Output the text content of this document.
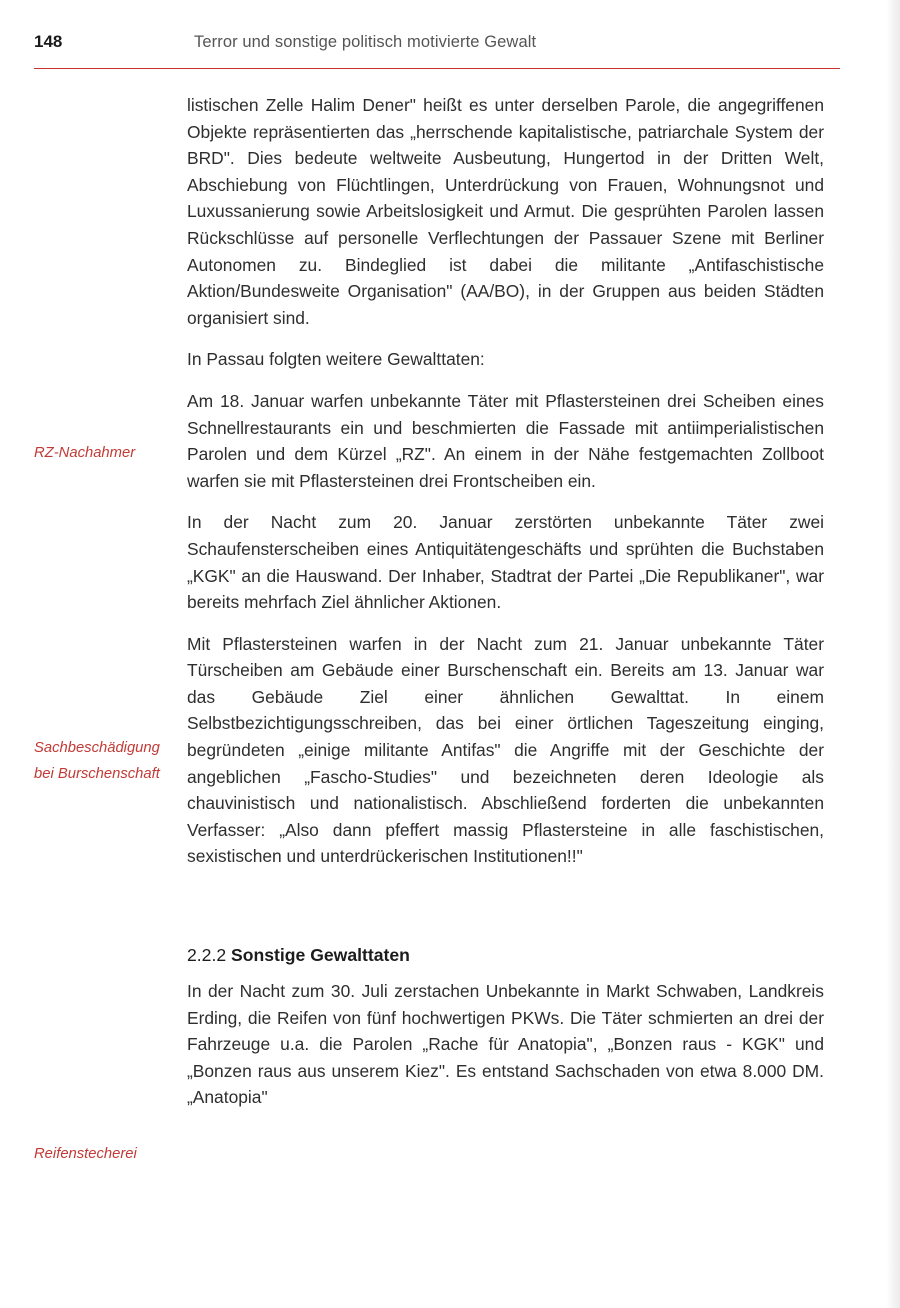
148	Terror und sonstige politisch motivierte Gewalt
RZ-Nachahmer
Sachbeschädigung
bei Burschenschaft
Reifenstecherei

listischen Zelle Halim Dener" heißt es unter derselben Parole, die angegriffenen Objekte repräsentierten das „herrschende kapitalistische, patriarchale System der BRD". Dies bedeute weltweite Ausbeutung, Hungertod in der Dritten Welt, Abschiebung von Flüchtlingen, Unterdrückung von Frauen, Wohnungsnot und Luxussanierung sowie Arbeitslosigkeit und Armut. Die gesprühten Parolen lassen Rückschlüsse auf personelle Verflechtungen der Passauer Szene mit Berliner Autonomen zu. Bindeglied ist dabei die militante „Antifaschistische Aktion/Bundesweite Organisation" (AA/BO), in der Gruppen aus beiden Städten organisiert sind.

In Passau folgten weitere Gewalttaten:

Am 18. Januar warfen unbekannte Täter mit Pflastersteinen drei Scheiben eines Schnellrestaurants ein und beschmierten die Fassade mit antiimperialistischen Parolen und dem Kürzel „RZ". An einem in der Nähe festgemachten Zollboot warfen sie mit Pflastersteinen drei Frontscheiben ein.

In der Nacht zum 20. Januar zerstörten unbekannte Täter zwei Schaufensterscheiben eines Antiquitätengeschäfts und sprühten die Buchstaben „KGK" an die Hauswand. Der Inhaber, Stadtrat der Partei „Die Republikaner", war bereits mehrfach Ziel ähnlicher Aktionen.

Mit Pflastersteinen warfen in der Nacht zum 21. Januar unbekannte Täter Türscheiben am Gebäude einer Burschenschaft ein. Bereits am 13. Januar war das Gebäude Ziel einer ähnlichen Gewalttat. In einem Selbstbezichtigungsschreiben, das bei einer örtlichen Tageszeitung einging, begründeten „einige militante Antifas" die Angriffe mit der Geschichte der angeblichen „Fascho-Studies" und bezeichneten deren Ideologie als chauvinistisch und nationalistisch. Abschließend forderten die unbekannten Verfasser: „Also dann pfeffert massig Pflastersteine in alle faschistischen, sexistischen und unterdrückerischen Institutionen!!"

2.2.2 Sonstige Gewalttaten

In der Nacht zum 30. Juli zerstachen Unbekannte in Markt Schwaben, Landkreis Erding, die Reifen von fünf hochwertigen PKWs. Die Täter schmierten an drei der Fahrzeuge u.a. die Parolen „Rache für Anatopia", „Bonzen raus - KGK" und „Bonzen raus aus unserem Kiez". Es entstand Sachschaden von etwa 8.000 DM. „Anatopia"
